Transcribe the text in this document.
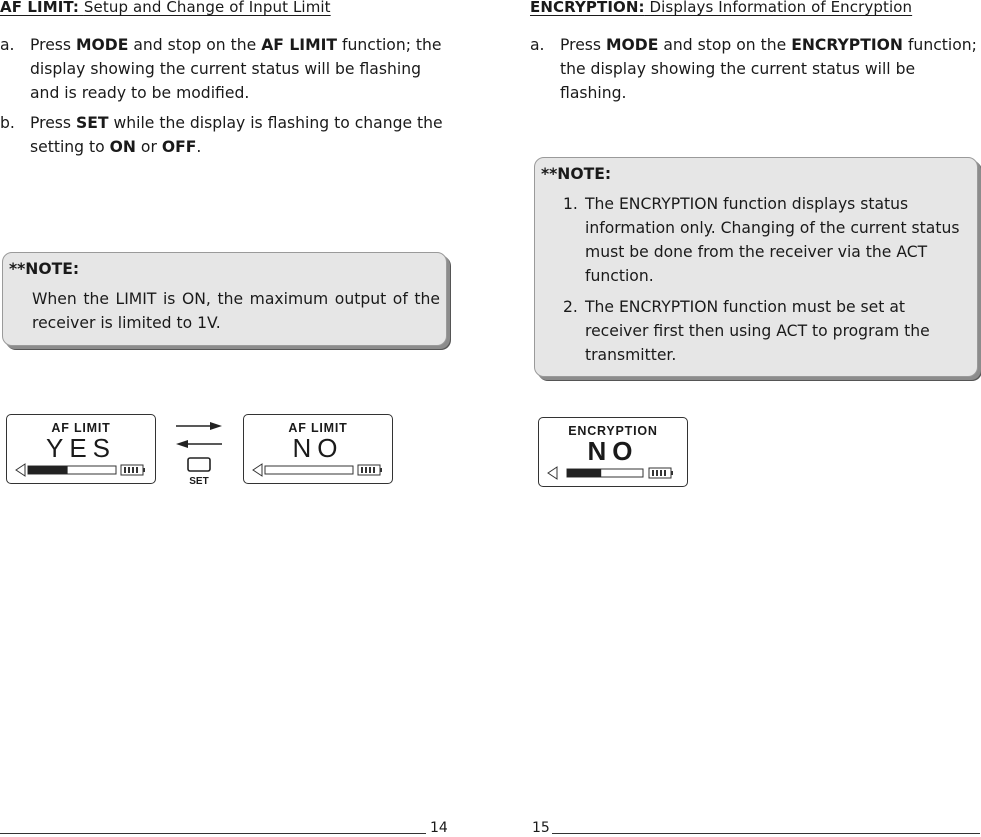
AF LIMIT: Setup and Change of Input Limit
a. Press MODE and stop on the AF LIMIT function; the display showing the current status will be flashing and is ready to be modified.
b. Press SET while the display is flashing to change the setting to ON or OFF.
**NOTE:
When the LIMIT is ON, the maximum output of the receiver is limited to 1V.
AF LIMIT
YES
SET
AF LIMIT
NO
14
ENCRYPTION: Displays Information of Encryption
a. Press MODE and stop on the ENCRYPTION function; the display showing the current status will be flashing.
**NOTE:
1. The ENCRYPTION function displays status information only. Changing of the current status must be done from the receiver via the ACT function.
2. The ENCRYPTION function must be set at receiver first then using ACT to program the transmitter.
ENCRYPTION
NO
15
